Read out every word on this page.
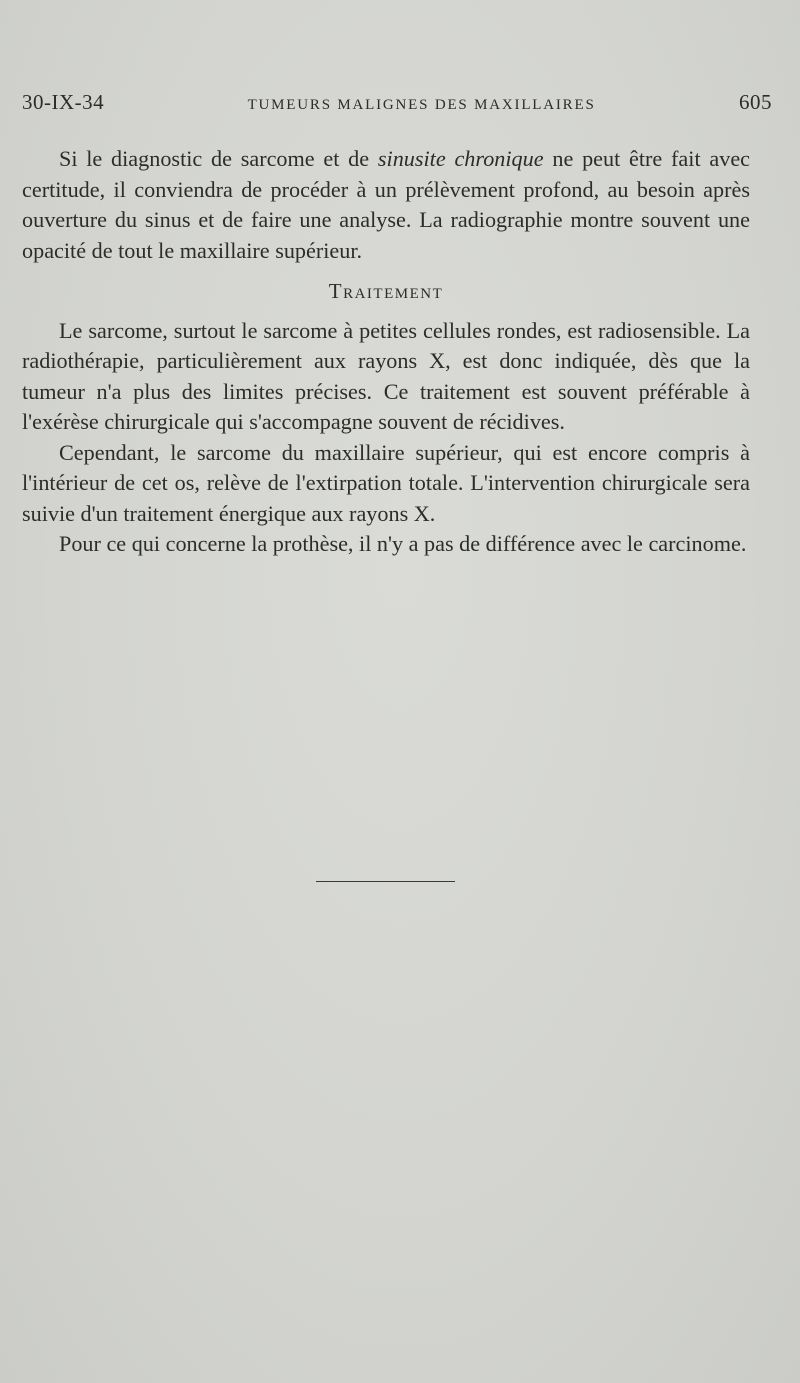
30-IX-34	TUMEURS MALIGNES DES MAXILLAIRES	605

Si le diagnostic de sarcome et de sinusite chronique ne peut être fait avec certitude, il conviendra de procéder à un prélèvement profond, au besoin après ouverture du sinus et de faire une analyse. La radiographie montre souvent une opacité de tout le maxillaire supérieur.

Traitement

Le sarcome, surtout le sarcome à petites cellules rondes, est radiosensible. La radiothérapie, particulièrement aux rayons X, est donc indiquée, dès que la tumeur n'a plus des limites précises. Ce traitement est souvent préférable à l'exérèse chirurgicale qui s'accompagne souvent de récidives.

Cependant, le sarcome du maxillaire supérieur, qui est encore compris à l'intérieur de cet os, relève de l'extirpation totale. L'intervention chirurgicale sera suivie d'un traitement énergique aux rayons X.

Pour ce qui concerne la prothèse, il n'y a pas de différence avec le carcinome.
